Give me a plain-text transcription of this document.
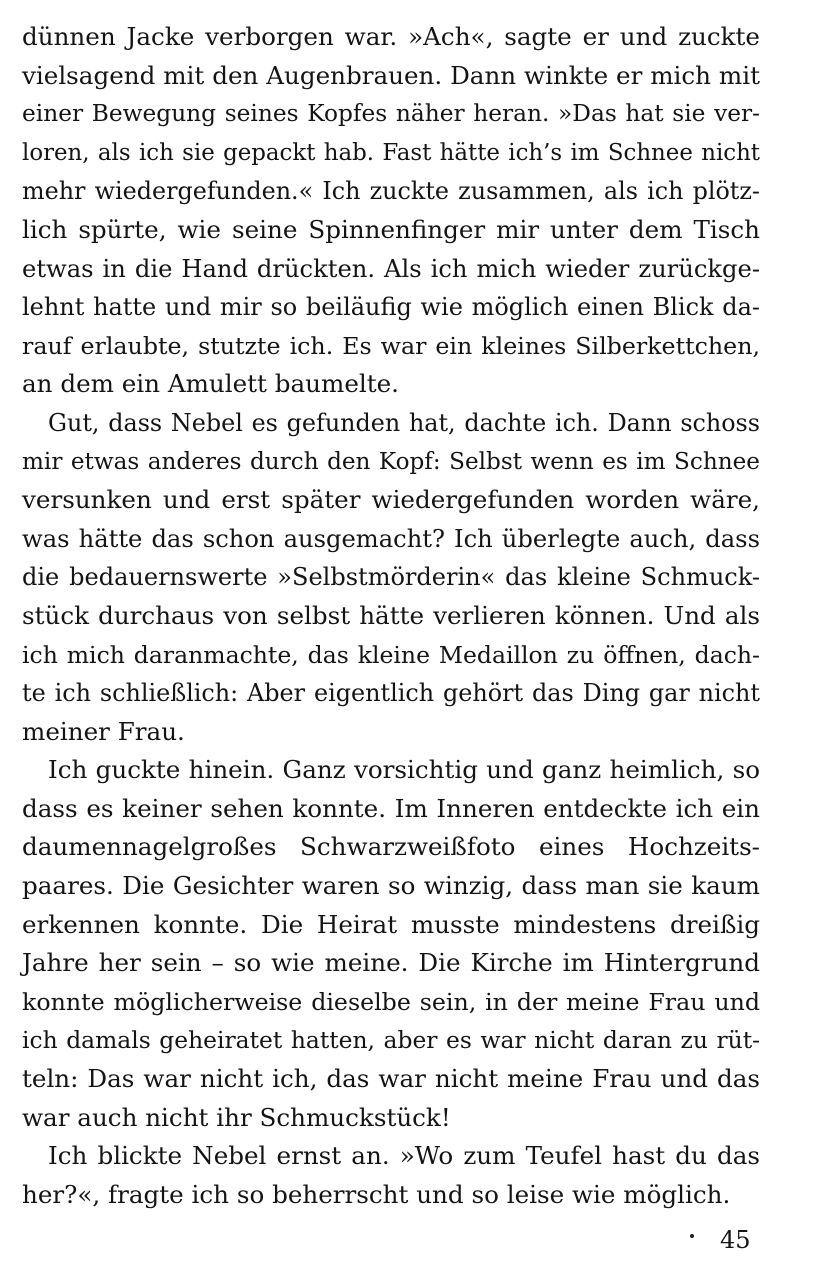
dünnen Jacke verborgen war. »Ach«, sagte er und zuckte
vielsagend mit den Augenbrauen. Dann winkte er mich mit
einer Bewegung seines Kopfes näher heran. »Das hat sie ver-
loren, als ich sie gepackt hab. Fast hätte ich’s im Schnee nicht
mehr wiedergefunden.« Ich zuckte zusammen, als ich plötz-
lich spürte, wie seine Spinnenfinger mir unter dem Tisch
etwas in die Hand drückten. Als ich mich wieder zurückge-
lehnt hatte und mir so beiläufig wie möglich einen Blick da-
rauf erlaubte, stutzte ich. Es war ein kleines Silberkettchen,
an dem ein Amulett baumelte.
Gut, dass Nebel es gefunden hat, dachte ich. Dann schoss
mir etwas anderes durch den Kopf: Selbst wenn es im Schnee
versunken und erst später wiedergefunden worden wäre,
was hätte das schon ausgemacht? Ich überlegte auch, dass
die bedauernswerte »Selbstmörderin« das kleine Schmuck-
stück durchaus von selbst hätte verlieren können. Und als
ich mich daranmachte, das kleine Medaillon zu öffnen, dach-
te ich schließlich: Aber eigentlich gehört das Ding gar nicht
meiner Frau.
Ich guckte hinein. Ganz vorsichtig und ganz heimlich, so
dass es keiner sehen konnte. Im Inneren entdeckte ich ein
daumennagelgroßes Schwarzweißfoto eines Hochzeits-
paares. Die Gesichter waren so winzig, dass man sie kaum
erkennen konnte. Die Heirat musste mindestens dreißig
Jahre her sein – so wie meine. Die Kirche im Hintergrund
konnte möglicherweise dieselbe sein, in der meine Frau und
ich damals geheiratet hatten, aber es war nicht daran zu rüt-
teln: Das war nicht ich, das war nicht meine Frau und das
war auch nicht ihr Schmuckstück!
Ich blickte Nebel ernst an. »Wo zum Teufel hast du das
her?«, fragte ich so beherrscht und so leise wie möglich.
45
